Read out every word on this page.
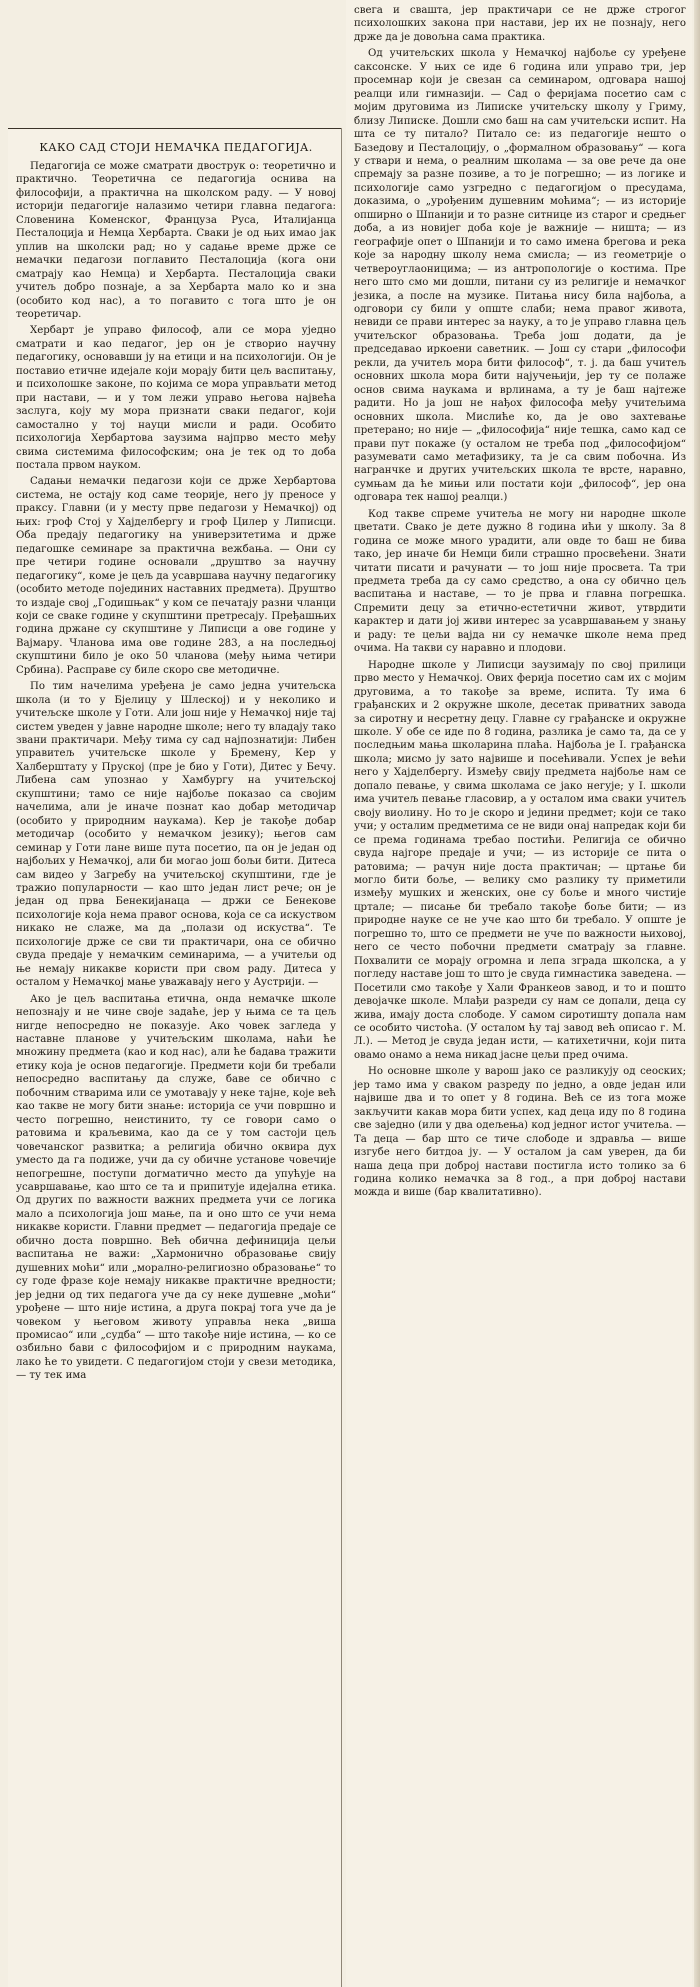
свега и свашта, јер практичари се не држе строгог психолошких закона при настави, јер их не познају, него држе да је довољна сама практика.

Од учитељских школа у Немачкој најбоље су уређене саксонске. У њих се иде 6 година или управо три, јер просемнар који је свезан са семинаром, одговара нашој реалци или гимназији. — Сад о феријама посетио сам с мојим друговима из Липиске учитељску школу у Гриму, близу Липиске. Дошли смо баш на сам учитељски испит. На шта се ту питало? Питало се: из педагогије нешто о Базедову и Песталоцију, о „формалном образовању“ — кога у ствари и нема, о реалним школама — за ове рече да оне спремају за разне позиве, а то је погрешно; — из логике и психологије само узгредно с педагогијом о пресудама, доказима, о „урођеним душевним моћима“; — из историје опширно о Шпанији и то разне ситнице из старог и средњег доба, а из новијег доба које је важније — ништа; — из географије опет о Шпанији и то само имена брегова и река које за народну школу нема смисла; — из геометрије о четвероуглаоницима; — из антропологије о костима. Пре него што смо ми дошли, питани су из религије и немачког језика, а после на музике. Питања нису била најбоља, а одговори су били у опште слаби; нема правог живота, невиди се прави интерес за науку, а то је управо главна цељ учитељског образовања. Треба још додати, да је председавао иркоени саветник. — Још су стари „философи рекли, да учитељ мора бити философ“, т. ј. да баш учитељ основних школа мора бити најучењији, јер ту се полаже основ свима наукама и врлинама, а ту је баш најтеже радити. Но ја још не нађох философа међу учитељима основних школа. Мислиће ко, да је ово захтевање претерано; но није — „философија“ није тешка, само кад се прави пут покаже (у осталом не треба под „философијом“ разумевати само метафизику, та је са свим побочна. Из награнчке и других учитељских школа те врсте, наравно, сумњам да ће мињи или постати који „философ“, јер она одговара тек нашој реалци.)

Код такве спреме учитеља не могу ни народне школе цветати. Свако је дете дужно 8 година ићи у школу. За 8 година се може много урадити, али овде то баш не бива тако, јер иначе би Немци били страшно просвећени. Знати читати писати и рачунати — то још није просвета. Та три предмета треба да су само средство, а она су обично цељ васпитања и наставе, — то је прва и главна погрешка. Спремити децу за етично-естетични живот, утврдити карактер и дати јој живи интерес за усавршавањем у знању и раду: те цељи вајда ни су немачке школе нема пред очима. На такви су наравно и плодови.

Народне школе у Липисци заузимају по свој прилици прво место у Немачкој. Ових ферија посетио сам их с мојим друговима, а то такође за време, испита. Ту има 6 грађанских и 2 окружне школе, десетак приватних завода за сиротну и несретну децу. Главне су грађанске и окружне школе. У обе се иде по 8 година, разлика је само та, да се у последњим мања школарина плаћа. Најбоља је I. грађанска школа; мисмо ју зато највише и посећивали. Успех је већи него у Хајделбергу. Између свију предмета најбоље нам се допало певање, у свима школама се јако негује; у I. школи има учитељ певање гласовир, а у осталом има сваки учитељ своју виолину. Но то је скоро и једини предмет; који се тако учи; у осталим предметима се не види онај напредак који би се према годинама требао постићи. Религија се обично свуда најгоре предаје и учи; — из историје се пита о ратовима; — рачун није доста практичан; — цртање би могло бити боље, — велику смо разлику ту приметили између мушких и женских, оне су боље и много чистије цртале; — писање би требало такође боље бити; — из природне науке се не уче као што би требало. У опште је погрешно то, што се предмети не уче по важности њиховој, него се често побочни предмети сматрају за главне. Похвалити се морају огромна и лепа зграда школска, а у погледу наставе још то што је свуда гимнастика заведена. — Посетили смо такође у Хали Франкеов завод, и то и пошто девојачке школе. Млађи разреди су нам се допали, деца су жива, имају доста слободе. У самом сиротишту допала нам се особито чистоћа. (У осталом ћу тај завод већ описао г. М. Л.). — Метод је свуда један исти, — катихетични, који пита овамо онамо а нема никад јасне цељи пред очима.

Но основне школе у варош јако се разликују од сеоских; јер тамо има у сваком разреду по једно, а овде један или највише два и то опет у 8 година. Већ се из тога може закључити какав мора бити успех, кад деца иду по 8 година све заједно (или у два одељења) код једног истог учитеља. — Та деца — бар што се тиче слободе и здравља — више изгубе него битдоа ју. — У осталом ја сам уверен, да би наша деца при доброј настави постигла исто толико за 6 година колико немачка за 8 год., а при доброј настави можда и више (бар квалитативно).

КАКО САД СТОЈИ НЕМАЧКА ПЕДАГОГИЈА.

Педагогија се може сматрати двострук о: теоретично и практично. Теоретична се педагогија оснива на философији, а практична на школском раду. — У новој историји педагогије налазимо четири главна педагога: Словенина Коменског, Француза Руса, Италијанца Песталоција и Немца Хербарта. Сваки је од њих имао јак уплив на школски рад; но у садање време држе се немачки педагози поглавито Песталоција (кога они сматрају као Немца) и Хербарта. Песталоција сваки учитељ добро познаје, а за Хербарта мало ко и зна (особито код нас), а то погавито с тога што је он теоретичар.

Хербарт је управо философ, али се мора уједно сматрати и као педагог, јер он је створио научну педагогику, основавши ју на етици и на психологији. Он је поставио етичне идејале који морају бити цељ васпитању, и психолошке законе, по којима се мора управљати метод при настави, — и у том лежи управо његова највећа заслуга, коју му мора признати сваки педагог, који самостално у тој науци мисли и ради. Особито психологија Хербартова заузима најпрво место међу свима системима философским; она је тек од то доба постала првом науком.

Садањи немачки педагози који се држе Хербартова система, не остају код саме теорије, него ју преносе у праксу. Главни (и у месту прве педагози у Немачкој) од њих: гроф Стој у Хајделбергу и гроф Цилер у Липисци. Оба предају педагогику на универзитетима и држе педагошке семинаре за практична вежбања. — Они су пре четири године основали „друштво за научну педагогику“, коме је цељ да усавршава научну педагогику (особито методе појединих наставних предмета). Друштво то издаје свој „Годишњак“ у ком се печатају разни чланци који се сваке године у скупштини претресају. Пређашњих година држане су скупштине у Липисци а ове године у Вајмару. Чланова има ове године 283, а на последњој скупштини било је око 50 чланова (међу њима четири Србина). Расправе су биле скоро све методичне.

По тим начелима уређена је само једна учитељска школа (и то у Бјелицу у Шлеској) и у неколико и учитељске школе у Готи. Али још није у Немачкој није тај систем уведен у јавне народне школе; него ту владају тако звани практичари. Међу тима су сад најпознатији: Либен управитељ учитељске школе у Бремену, Кер у Халберштату у Пруској (пре је био у Готи), Дитес у Бечу. Либена сам упознао у Хамбургу на учитељској скупштини; тамо се није најбоље показао са својим начелима, али је иначе познат као добар методичар (особито у природним наукама). Кер је такође добар методичар (особито у немачком језику); његов сам семинар у Готи лане више пута посетио, па он је један од најбољих у Немачкој, али би могао још бољи бити. Дитеса сам видео у Загребу на учитељској скупштини, где је тражио популарности — као што један лист рече; он је један од прва Бенекијанаца — држи се Бенекове психологије која нема правог основа, која се са искуством никако не слаже, ма да „полази од искуства“. Те психологије држе се сви ти практичари, она се обично свуда предаје у немачким семинарима, — а учитељи од ње немају никакве користи при свом раду. Дитеса у осталом у Немачкој мање уважавају него у Аустрији. —

Ако је цељ васпитања етична, онда немачке школе непознају и не чине своје задаће, јер у њима се та цељ нигде непосредно не показује. Ако човек загледа у наставне планове у учитељским школама, наћи ће множину предмета (као и код нас), али ће бадава тражити етику која је основ педагогије. Предмети који би требали непосредно васпитању да служе, баве се обично с побочним стварима или се умотавају у неке тајне, које већ као такве не могу бити знање: историја се учи површно и често погрешно, неистинито, ту се говори само о ратовима и краљевима, као да се у том састоји цељ човечанског развитка; а религија обично оквира дух уместо да га подиже, учи да су обичне установе човечије непогрешне, поступи догматично место да упућује на усавршавање, као што се та и припитује идејална етика. Од других по важности важних предмета учи се логика мало а психологија још мање, па и оно што се учи нема никакве користи. Главни предмет — педагогија предаје се обично доста површно. Већ обична дефиниција цељи васпитања не важи: „Хармонично образовање свију душевних моћи“ или „морално-религиозно образовање“ то су годе фразе које немају никакве практичне вредности; јер једни од тих педагога уче да су неке душевне „моћи“ урођене — што није истина, а друга покрај тога уче да је човеком у његовом животу управља нека „виша промисао“ или „судба“ — што такође није истина, — ко се озбиљно бави с философијом и с природним наукама, лако ће то увидети. С педагогијом стоји у свези методика, — ту тек има
